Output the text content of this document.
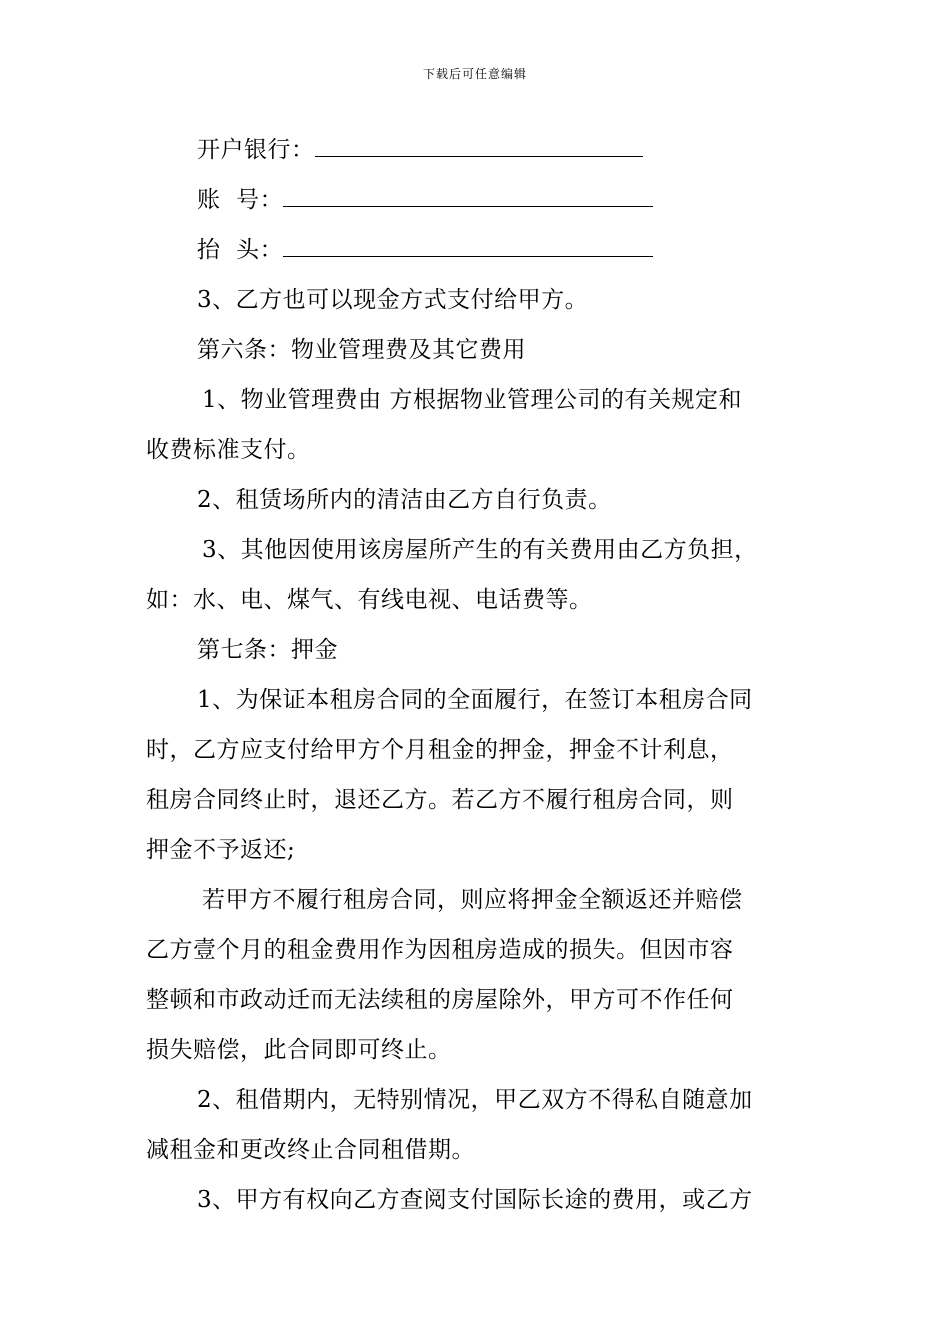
下载后可任意编辑
开户银行：
账  号：
抬  头：
3、乙方也可以现金方式支付给甲方。
第六条：物业管理费及其它费用
1、物业管理费由 方根据物业管理公司的有关规定和
收费标准支付。
2、租赁场所内的清洁由乙方自行负责。
3、其他因使用该房屋所产生的有关费用由乙方负担，
如：水、电、煤气、有线电视、电话费等。
第七条：押金
1、为保证本租房合同的全面履行，在签订本租房合同
时，乙方应支付给甲方个月租金的押金，押金不计利息，
租房合同终止时，退还乙方。若乙方不履行租房合同，则
押金不予返还;
若甲方不履行租房合同，则应将押金全额返还并赔偿
乙方壹个月的租金费用作为因租房造成的损失。但因市容
整顿和市政动迁而无法续租的房屋除外，甲方可不作任何
损失赔偿，此合同即可终止。
2、租借期内，无特别情况，甲乙双方不得私自随意加
减租金和更改终止合同租借期。
3、甲方有权向乙方查阅支付国际长途的费用，或乙方
